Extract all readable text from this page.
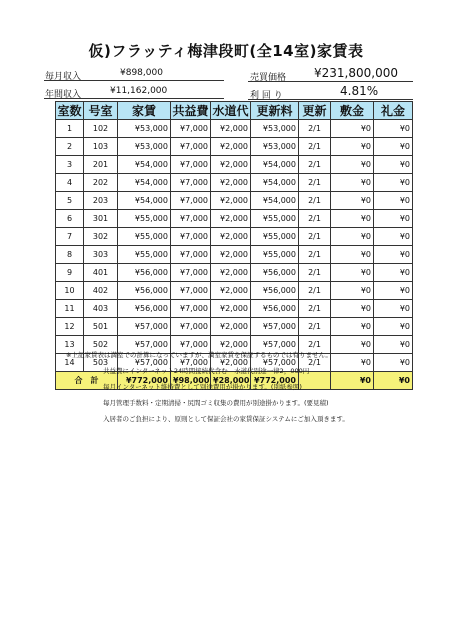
仮)フラッティ梅津段町(全14室)家賃表
毎月収入	¥898,000
年間収入	¥11,162,000
売買価格 ¥231,800,000
利 回 り	4.81%
室数	号室	家賃	共益費	水道代	更新料	更新	敷金	礼金
1	102	¥53,000	¥7,000	¥2,000	¥53,000	2/1	¥0	¥0
2	103	¥53,000	¥7,000	¥2,000	¥53,000	2/1	¥0	¥0
3	201	¥54,000	¥7,000	¥2,000	¥54,000	2/1	¥0	¥0
4	202	¥54,000	¥7,000	¥2,000	¥54,000	2/1	¥0	¥0
5	203	¥54,000	¥7,000	¥2,000	¥54,000	2/1	¥0	¥0
6	301	¥55,000	¥7,000	¥2,000	¥55,000	2/1	¥0	¥0
7	302	¥55,000	¥7,000	¥2,000	¥55,000	2/1	¥0	¥0
8	303	¥55,000	¥7,000	¥2,000	¥55,000	2/1	¥0	¥0
9	401	¥56,000	¥7,000	¥2,000	¥56,000	2/1	¥0	¥0
10	402	¥56,000	¥7,000	¥2,000	¥56,000	2/1	¥0	¥0
11	403	¥56,000	¥7,000	¥2,000	¥56,000	2/1	¥0	¥0
12	501	¥57,000	¥7,000	¥2,000	¥57,000	2/1	¥0	¥0
13	502	¥57,000	¥7,000	¥2,000	¥57,000	2/1	¥0	¥0
14	503	¥57,000	¥7,000	¥2,000	¥57,000	2/1	¥0	¥0
合　計		¥772,000	¥98,000	¥28,000	¥772,000		¥0	¥0
※上記家賃表は満室での計算になっていますが、満室家賃を保証するものでは有りません。
共益費にインターネット24時間接続代含む　水道代別途一律2，000円
毎月インターネット維持費として別途費用が掛かります。(別紙参照)
毎月管理手数料・定期清掃・尻間ゴミ収集の費用が別途掛かります。(要見積)
入居者のご負担により、原則として保証会社の家賃保証システムにご加入頂きます。
